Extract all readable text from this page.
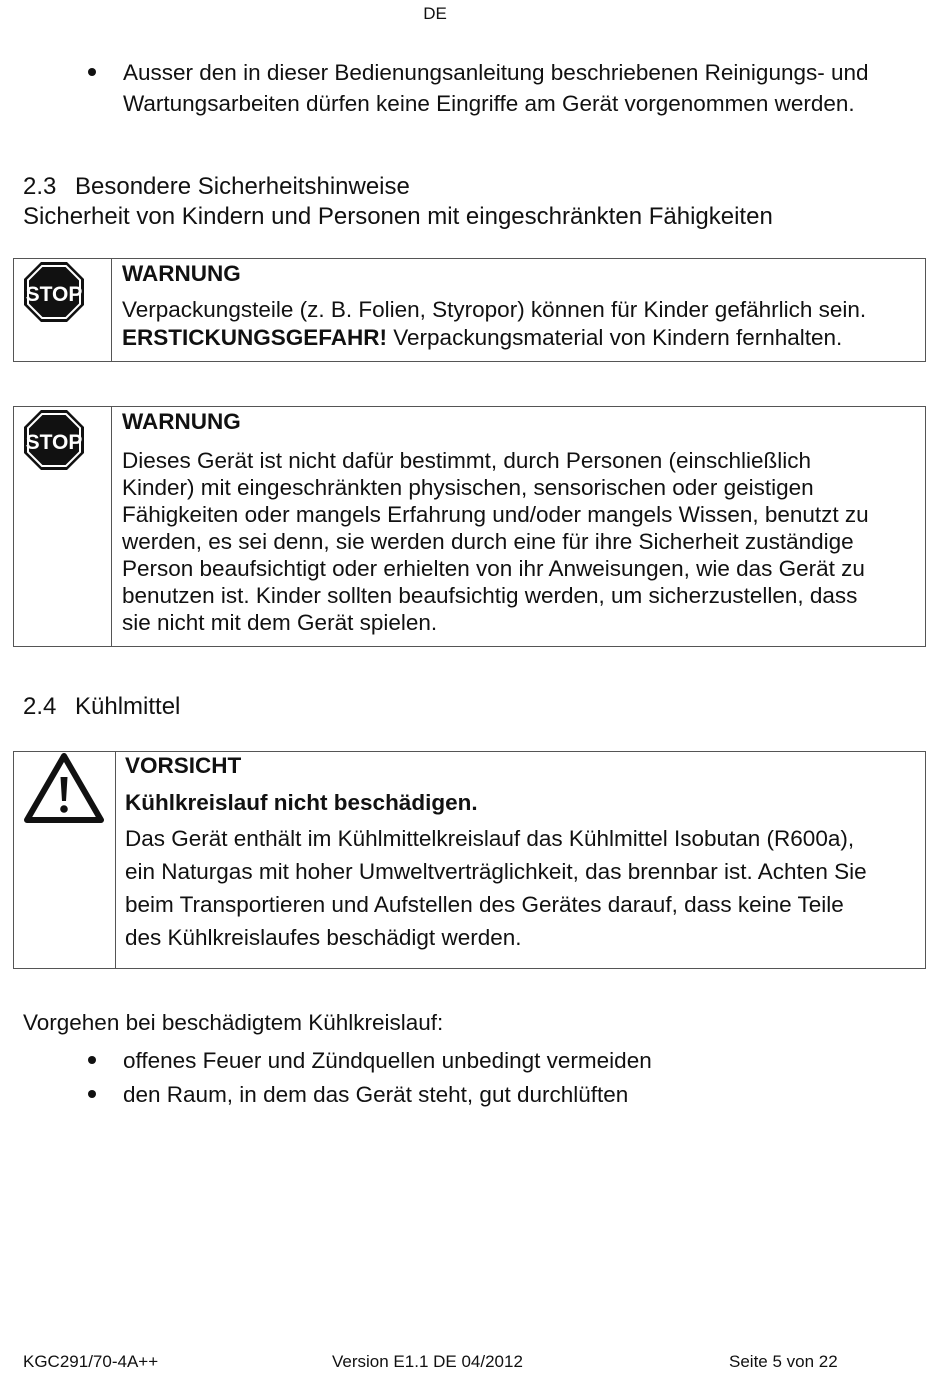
DE
Ausser den in dieser Bedienungsanleitung beschriebenen Reinigungs- und
Wartungsarbeiten dürfen keine Eingriffe am Gerät vorgenommen werden.
2.3 Besondere Sicherheitshinweise
Sicherheit von Kindern und Personen mit eingeschränkten Fähigkeiten
STOP
WARNUNG
Verpackungsteile (z. B. Folien, Styropor) können für Kinder gefährlich sein.
ERSTICKUNGSGEFAHR! Verpackungsmaterial von Kindern fernhalten.
STOP
WARNUNG
Dieses Gerät ist nicht dafür bestimmt, durch Personen (einschließlich
Kinder) mit eingeschränkten physischen, sensorischen oder geistigen
Fähigkeiten oder mangels Erfahrung und/oder mangels Wissen, benutzt zu
werden, es sei denn, sie werden durch eine für ihre Sicherheit zuständige
Person beaufsichtigt oder erhielten von ihr Anweisungen, wie das Gerät zu
benutzen ist. Kinder sollten beaufsichtig werden, um sicherzustellen, dass
sie nicht mit dem Gerät spielen.
2.4 Kühlmittel
VORSICHT
Kühlkreislauf nicht beschädigen.
Das Gerät enthält im Kühlmittelkreislauf das Kühlmittel Isobutan (R600a),
ein Naturgas mit hoher Umweltverträglichkeit, das brennbar ist. Achten Sie
beim Transportieren und Aufstellen des Gerätes darauf, dass keine Teile
des Kühlkreislaufes beschädigt werden.
Vorgehen bei beschädigtem Kühlkreislauf:
offenes Feuer und Zündquellen unbedingt vermeiden
den Raum, in dem das Gerät steht, gut durchlüften
KGC291/70-4A++	Version E1.1 DE 04/2012	Seite 5 von 22
